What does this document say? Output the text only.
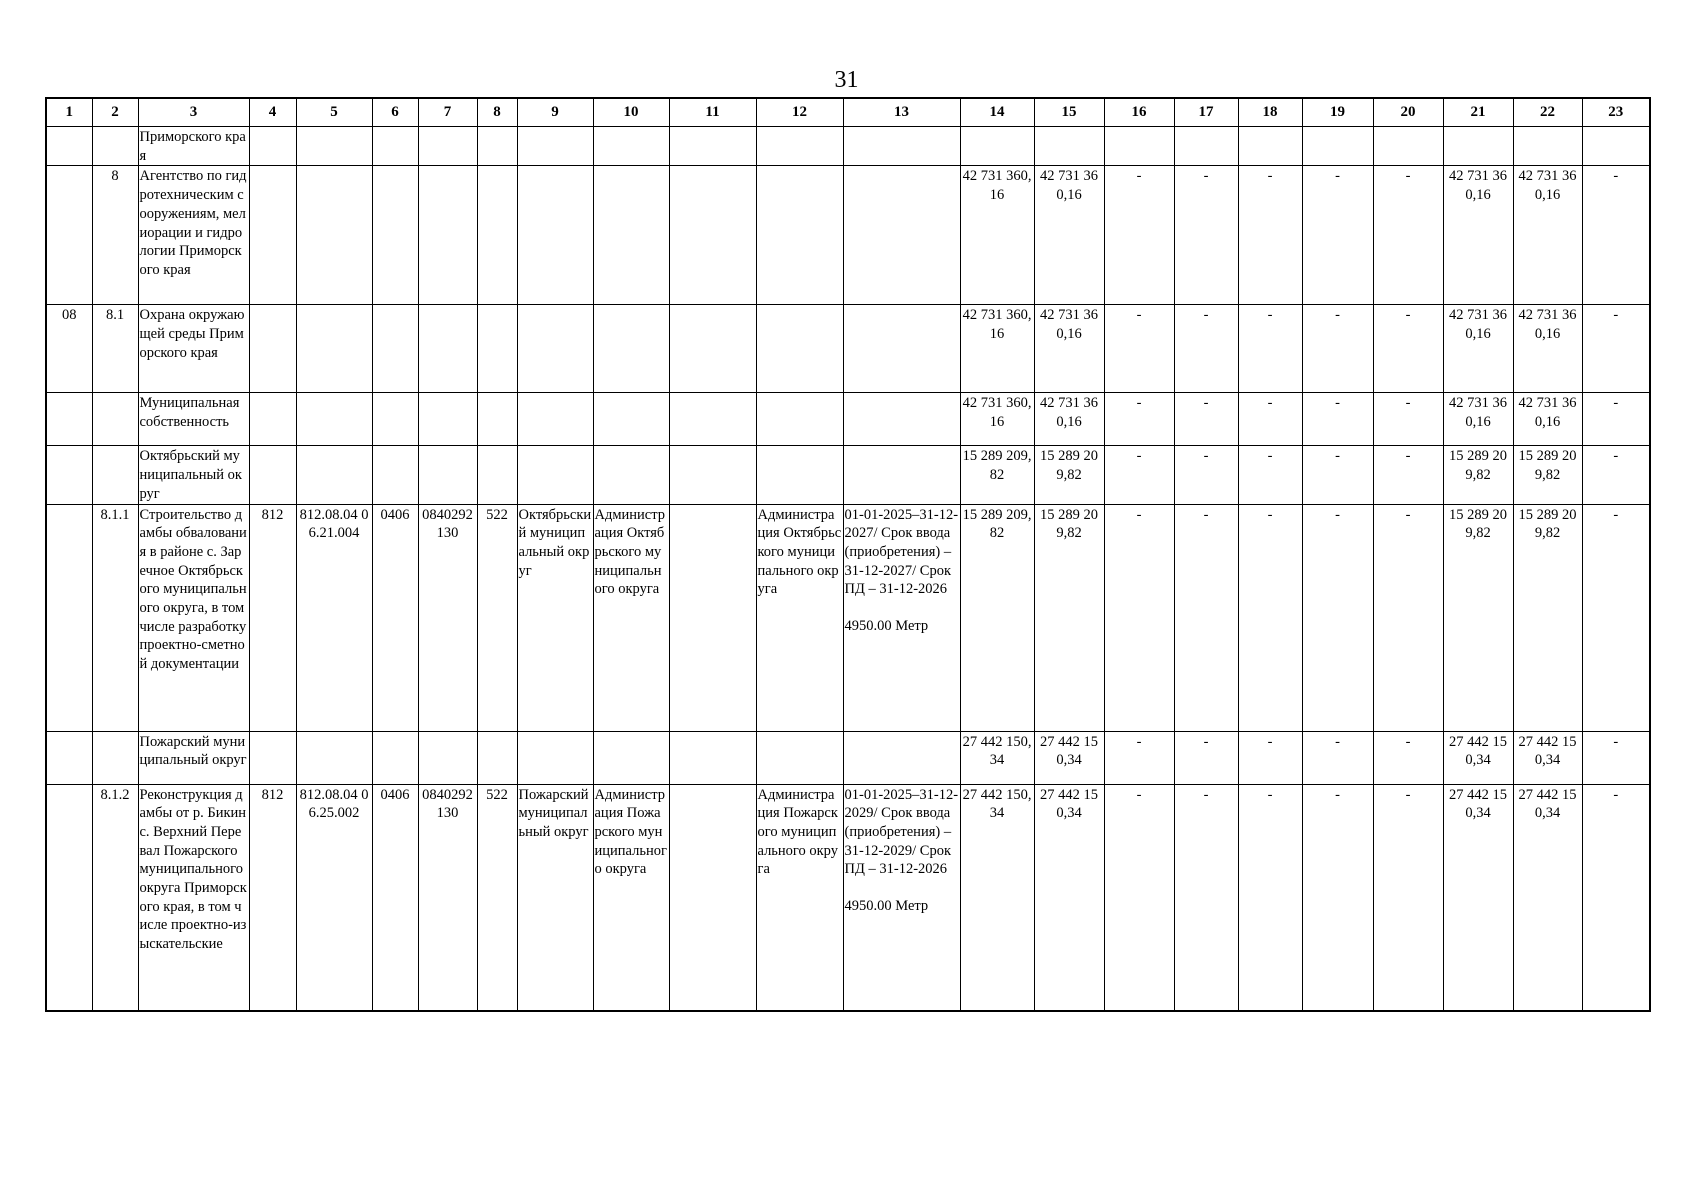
31
1	2	3	4	5	6	7	8	9	10	11	12	13	14	15	16	17	18	19	20	21	22	23

		Приморского края																				

	8	Агентство по гидротехническим сооружениям, мелиорации и гидрологии Приморского края											42 731 360,16	42 731 360,16	-	-	-	-	-	42 731 360,16	42 731 360,16	-

08	8.1	Охрана окружающей среды Приморского края											42 731 360,16	42 731 360,16	-	-	-	-	-	42 731 360,16	42 731 360,16	-

		Муниципальная собственность											42 731 360,16	42 731 360,16	-	-	-	-	-	42 731 360,16	42 731 360,16	-

		Октябрьский муниципальный округ											15 289 209,82	15 289 209,82	-	-	-	-	-	15 289 209,82	15 289 209,82	-

	8.1.1	Строительство дамбы обвалования в районе с. Заречное Октябрьского муниципального округа, в том числе разработку проектно-сметной документации	812	812.08.04 06.21.004	0406	0840292130	522	Октябрьский муниципальный округ	Администрация Октябрьского муниципального округа		Администрация Октябрьского муниципального округа	01-01-2025–31-12-2027/ Срок ввода (приобретения) – 31-12-2027/ Срок ПД – 31-12-2026
4950.00 Метр	15 289 209,82	15 289 209,82	-	-	-	-	-	15 289 209,82	15 289 209,82	-

		Пожарский муниципальный округ											27 442 150,34	27 442 150,34	-	-	-	-	-	27 442 150,34	27 442 150,34	-

	8.1.2	Реконструкция дамбы от р. Бикин с. Верхний Перевал Пожарского муниципального округа Приморского края, в том числе проектно-изыскательские	812	812.08.04 06.25.002	0406	0840292130	522	Пожарский муниципальный округ	Администрация Пожарского муниципального округа		Администрация Пожарского муниципального округа	01-01-2025–31-12-2029/ Срок ввода (приобретения) – 31-12-2029/ Срок ПД – 31-12-2026
4950.00 Метр	27 442 150,34	27 442 150,34	-	-	-	-	-	27 442 150,34	27 442 150,34	-
